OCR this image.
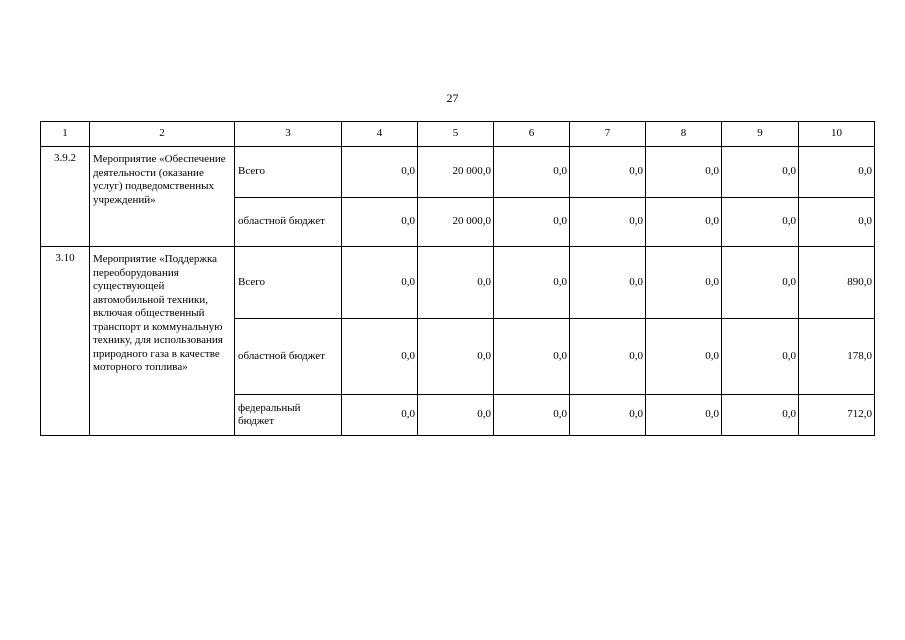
27
1	2	3	4	5	6	7	8	9	10
3.9.2	Мероприятие «Обеспечение деятельности (оказание услуг) подведомственных учреждений»	Всего	0,0	20 000,0	0,0	0,0	0,0	0,0	0,0
		областной бюджет	0,0	20 000,0	0,0	0,0	0,0	0,0	0,0
3.10	Мероприятие «Поддержка переоборудования существующей автомобильной техники, включая общественный транспорт и коммунальную технику, для использования природного газа в качестве моторного топлива»	Всего	0,0	0,0	0,0	0,0	0,0	0,0	890,0
		областной бюджет	0,0	0,0	0,0	0,0	0,0	0,0	178,0
		федеральный бюджет	0,0	0,0	0,0	0,0	0,0	0,0	712,0
